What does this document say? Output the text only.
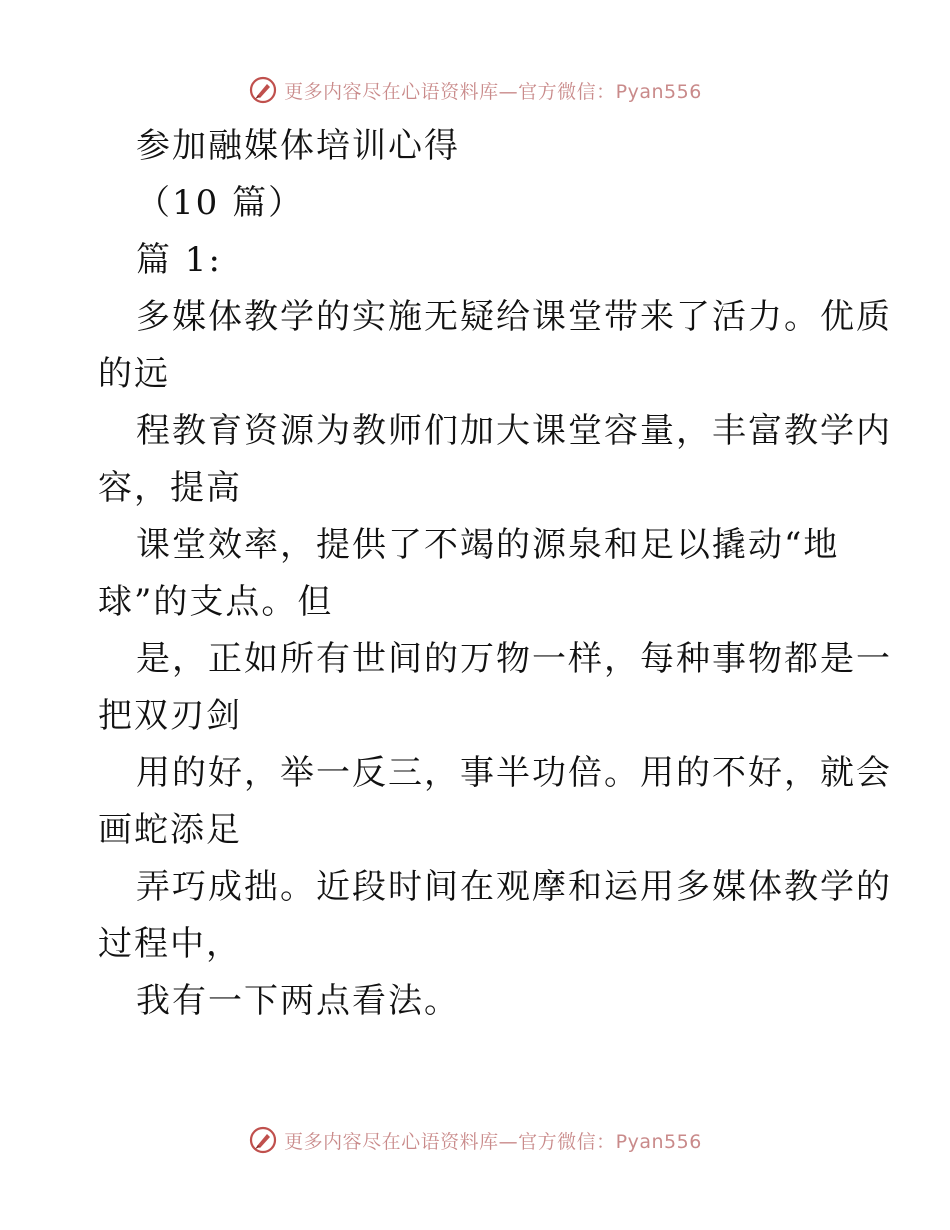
更多内容尽在心语资料库—官方微信：Pyan556
参加融媒体培训心得
（10 篇）
篇 1:
多媒体教学的实施无疑给课堂带来了活力。优质
的远
程教育资源为教师们加大课堂容量，丰富教学内
容，提高
课堂效率，提供了不竭的源泉和足以撬动“地
球”的支点。但
是，正如所有世间的万物一样，每种事物都是一
把双刃剑
用的好，举一反三，事半功倍。用的不好，就会
画蛇添足
弄巧成拙。近段时间在观摩和运用多媒体教学的
过程中，
我有一下两点看法。
更多内容尽在心语资料库—官方微信：Pyan556
